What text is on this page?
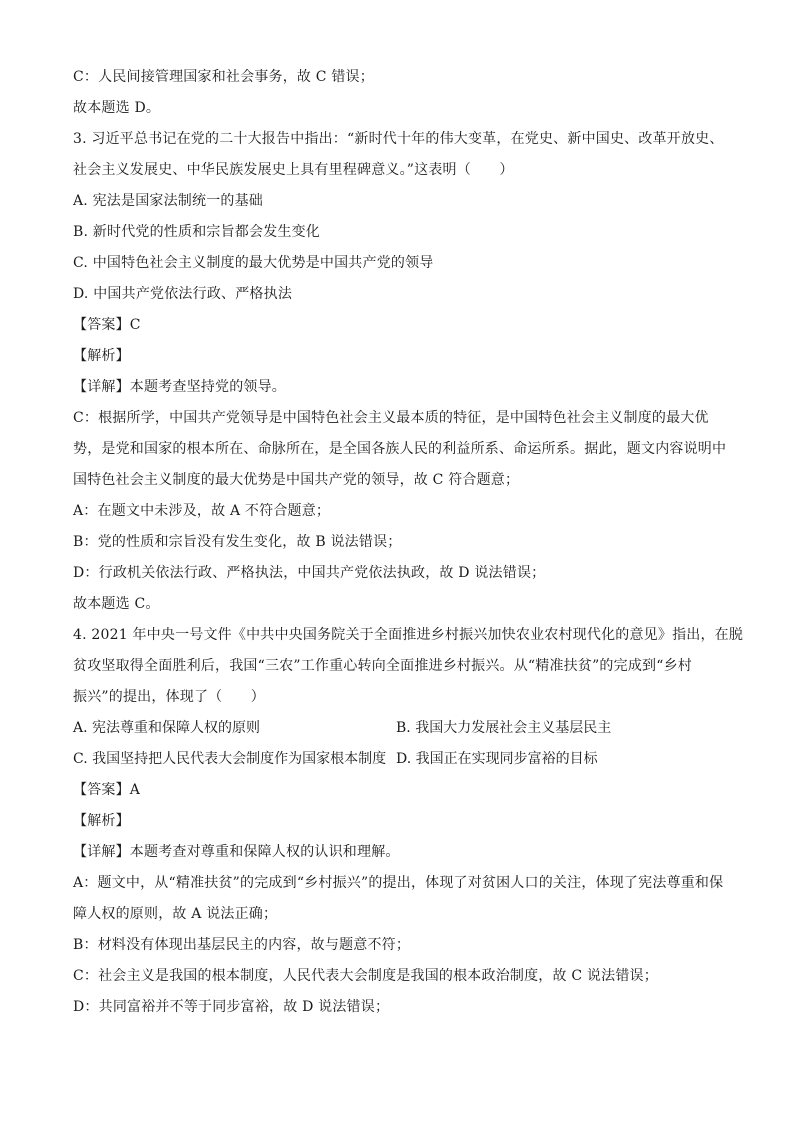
C：人民间接管理国家和社会事务，故 C 错误；
故本题选 D。
3. 习近平总书记在党的二十大报告中指出：“新时代十年的伟大变革，在党史、新中国史、改革开放史、
社会主义发展史、中华民族发展史上具有里程碑意义。”这表明（　　）
A. 宪法是国家法制统一的基础
B. 新时代党的性质和宗旨都会发生变化
C. 中国特色社会主义制度的最大优势是中国共产党的领导
D. 中国共产党依法行政、严格执法
【答案】C
【解析】
【详解】本题考查坚持党的领导。
C：根据所学，中国共产党领导是中国特色社会主义最本质的特征，是中国特色社会主义制度的最大优
势，是党和国家的根本所在、命脉所在，是全国各族人民的利益所系、命运所系。据此，题文内容说明中
国特色社会主义制度的最大优势是中国共产党的领导，故 C 符合题意；
A：在题文中未涉及，故 A 不符合题意；
B：党的性质和宗旨没有发生变化，故 B 说法错误；
D：行政机关依法行政、严格执法，中国共产党依法执政，故 D 说法错误；
故本题选 C。
4. 2021 年中央一号文件《中共中央国务院关于全面推进乡村振兴加快农业农村现代化的意见》指出，在脱
贫攻坚取得全面胜利后，我国“三农”工作重心转向全面推进乡村振兴。从“精准扶贫”的完成到“乡村
振兴”的提出，体现了（　　）
A. 宪法尊重和保障人权的原则	B. 我国大力发展社会主义基层民主
C. 我国坚持把人民代表大会制度作为国家根本制度 D. 我国正在实现同步富裕的目标
【答案】A
【解析】
【详解】本题考查对尊重和保障人权的认识和理解。
A：题文中，从“精准扶贫”的完成到“乡村振兴”的提出，体现了对贫困人口的关注，体现了宪法尊重和保
障人权的原则，故 A 说法正确；
B：材料没有体现出基层民主的内容，故与题意不符；
C：社会主义是我国的根本制度，人民代表大会制度是我国的根本政治制度，故 C 说法错误；
D：共同富裕并不等于同步富裕，故 D 说法错误；
